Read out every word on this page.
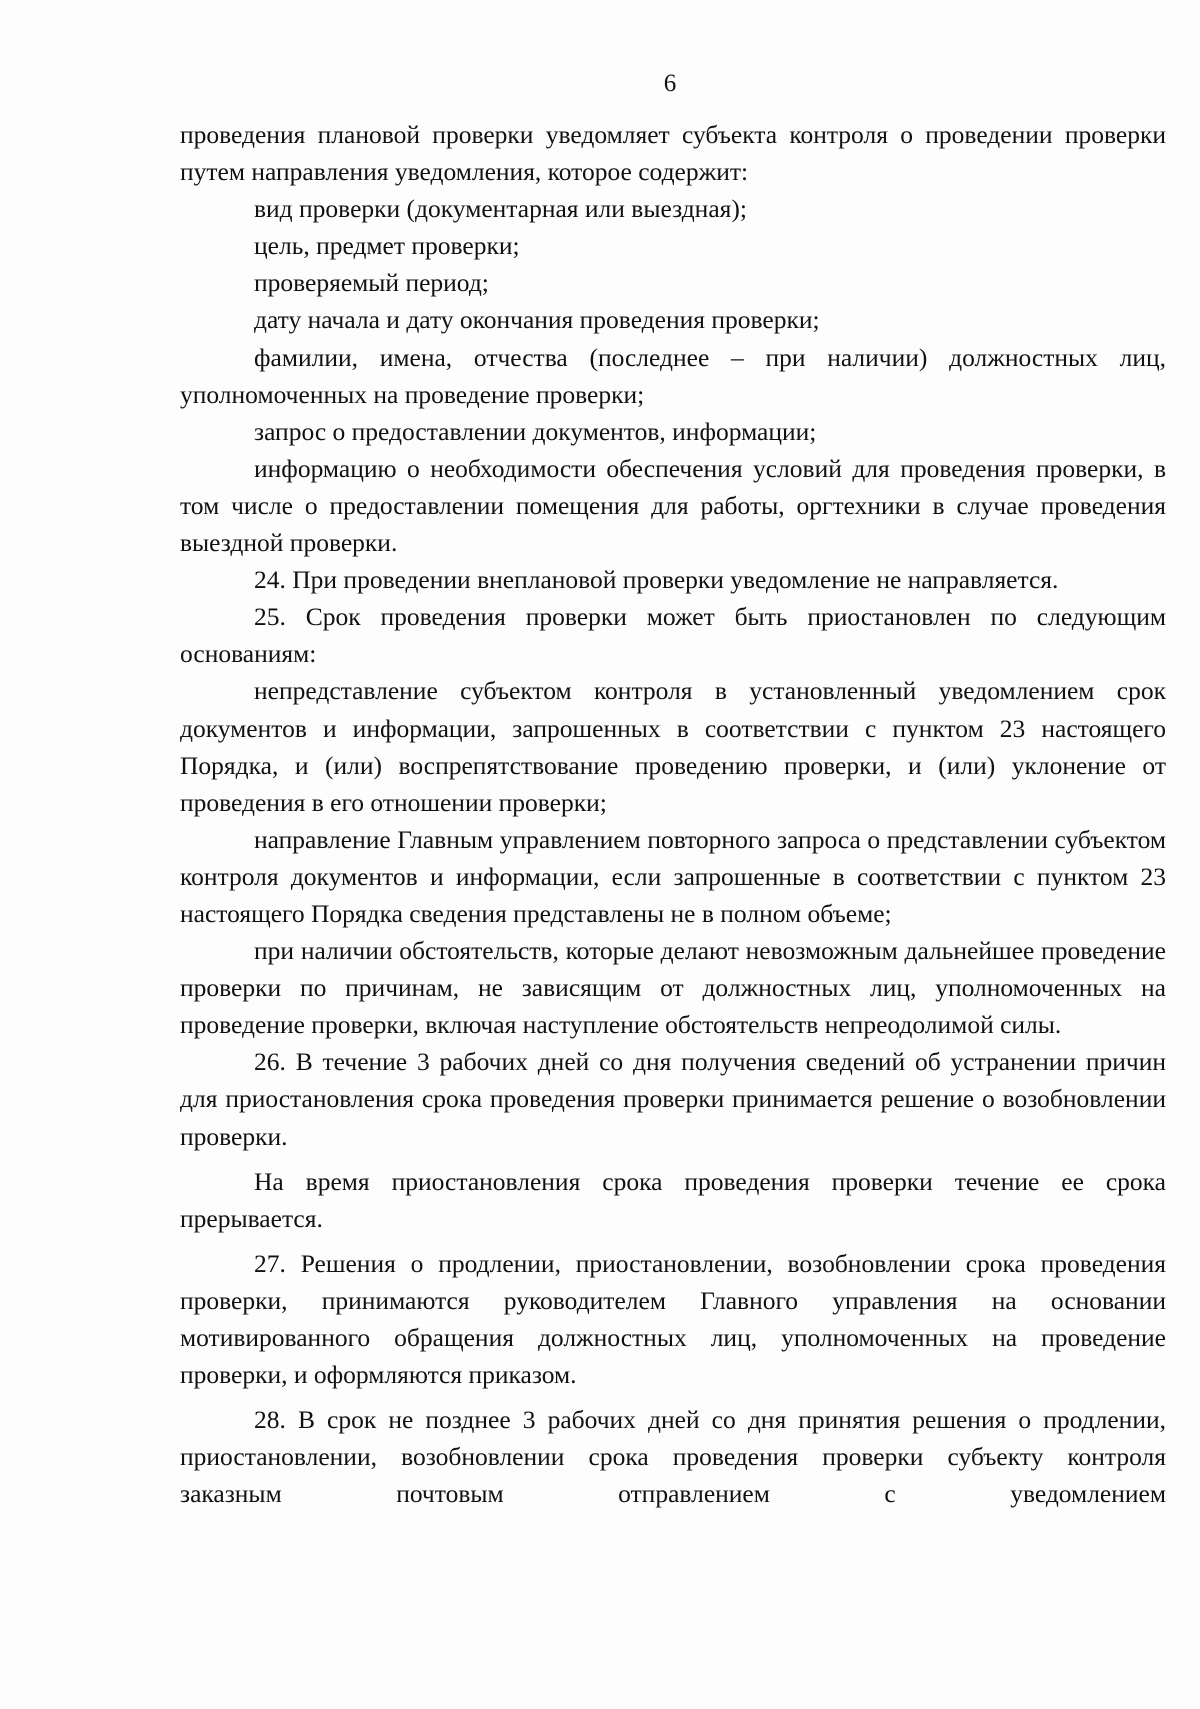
6

проведения плановой проверки уведомляет субъекта контроля о проведении проверки путем направления уведомления, которое содержит:

вид проверки (документарная или выездная);

цель, предмет проверки;

проверяемый период;

дату начала и дату окончания проведения проверки;

фамилии, имена, отчества (последнее – при наличии) должностных лиц, уполномоченных на проведение проверки;

запрос о предоставлении документов, информации;

информацию о необходимости обеспечения условий для проведения проверки, в том числе о предоставлении помещения для работы, оргтехники в случае проведения выездной проверки.

24. При проведении внеплановой проверки уведомление не направляется.

25. Срок проведения проверки может быть приостановлен по следующим основаниям:

непредставление субъектом контроля в установленный уведомлением срок документов и информации, запрошенных в соответствии с пунктом 23 настоящего Порядка, и (или) воспрепятствование проведению проверки, и (или) уклонение от проведения в его отношении проверки;

направление Главным управлением повторного запроса о представлении субъектом контроля документов и информации, если запрошенные в соответствии с пунктом 23 настоящего Порядка сведения представлены не в полном объеме;

при наличии обстоятельств, которые делают невозможным дальнейшее проведение проверки по причинам, не зависящим от должностных лиц, уполномоченных на проведение проверки, включая наступление обстоятельств непреодолимой силы.

26. В течение 3 рабочих дней со дня получения сведений об устранении причин для приостановления срока проведения проверки принимается решение о возобновлении проверки.

На время приостановления срока проведения проверки течение ее срока прерывается.

27. Решения о продлении, приостановлении, возобновлении срока проведения проверки, принимаются руководителем Главного управления на основании мотивированного обращения должностных лиц, уполномоченных на проведение проверки, и оформляются приказом.

28. В срок не позднее 3 рабочих дней со дня принятия решения о продлении, приостановлении, возобновлении срока проведения проверки субъекту контроля заказным почтовым отправлением с уведомлением
